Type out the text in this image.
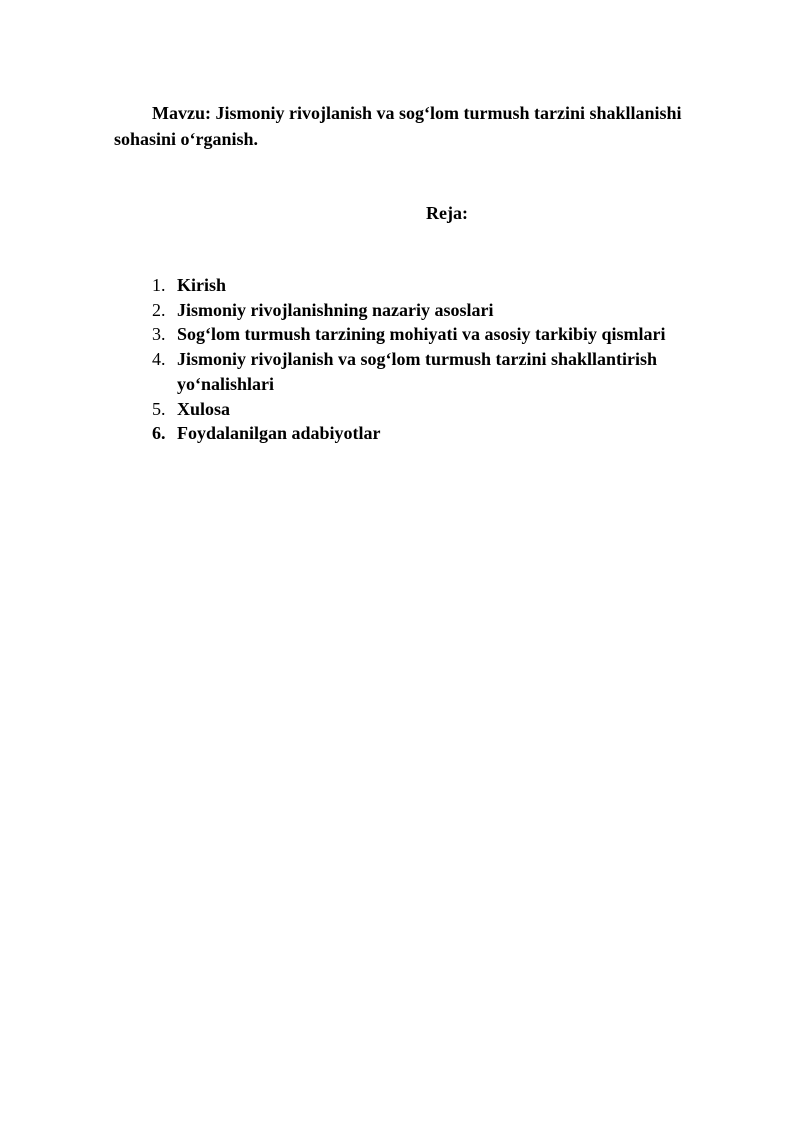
Mavzu: Jismoniy rivojlanish va sog‘lom turmush tarzini shakllanishi sohasini o‘rganish.

Reja:

1. Kirish
2. Jismoniy rivojlanishning nazariy asoslari
3. Sog‘lom turmush tarzining mohiyati va asosiy tarkibiy qismlari
4. Jismoniy rivojlanish va sog‘lom turmush tarzini shakllantirish yo‘nalishlari
5. Xulosa
6. Foydalanilgan adabiyotlar
